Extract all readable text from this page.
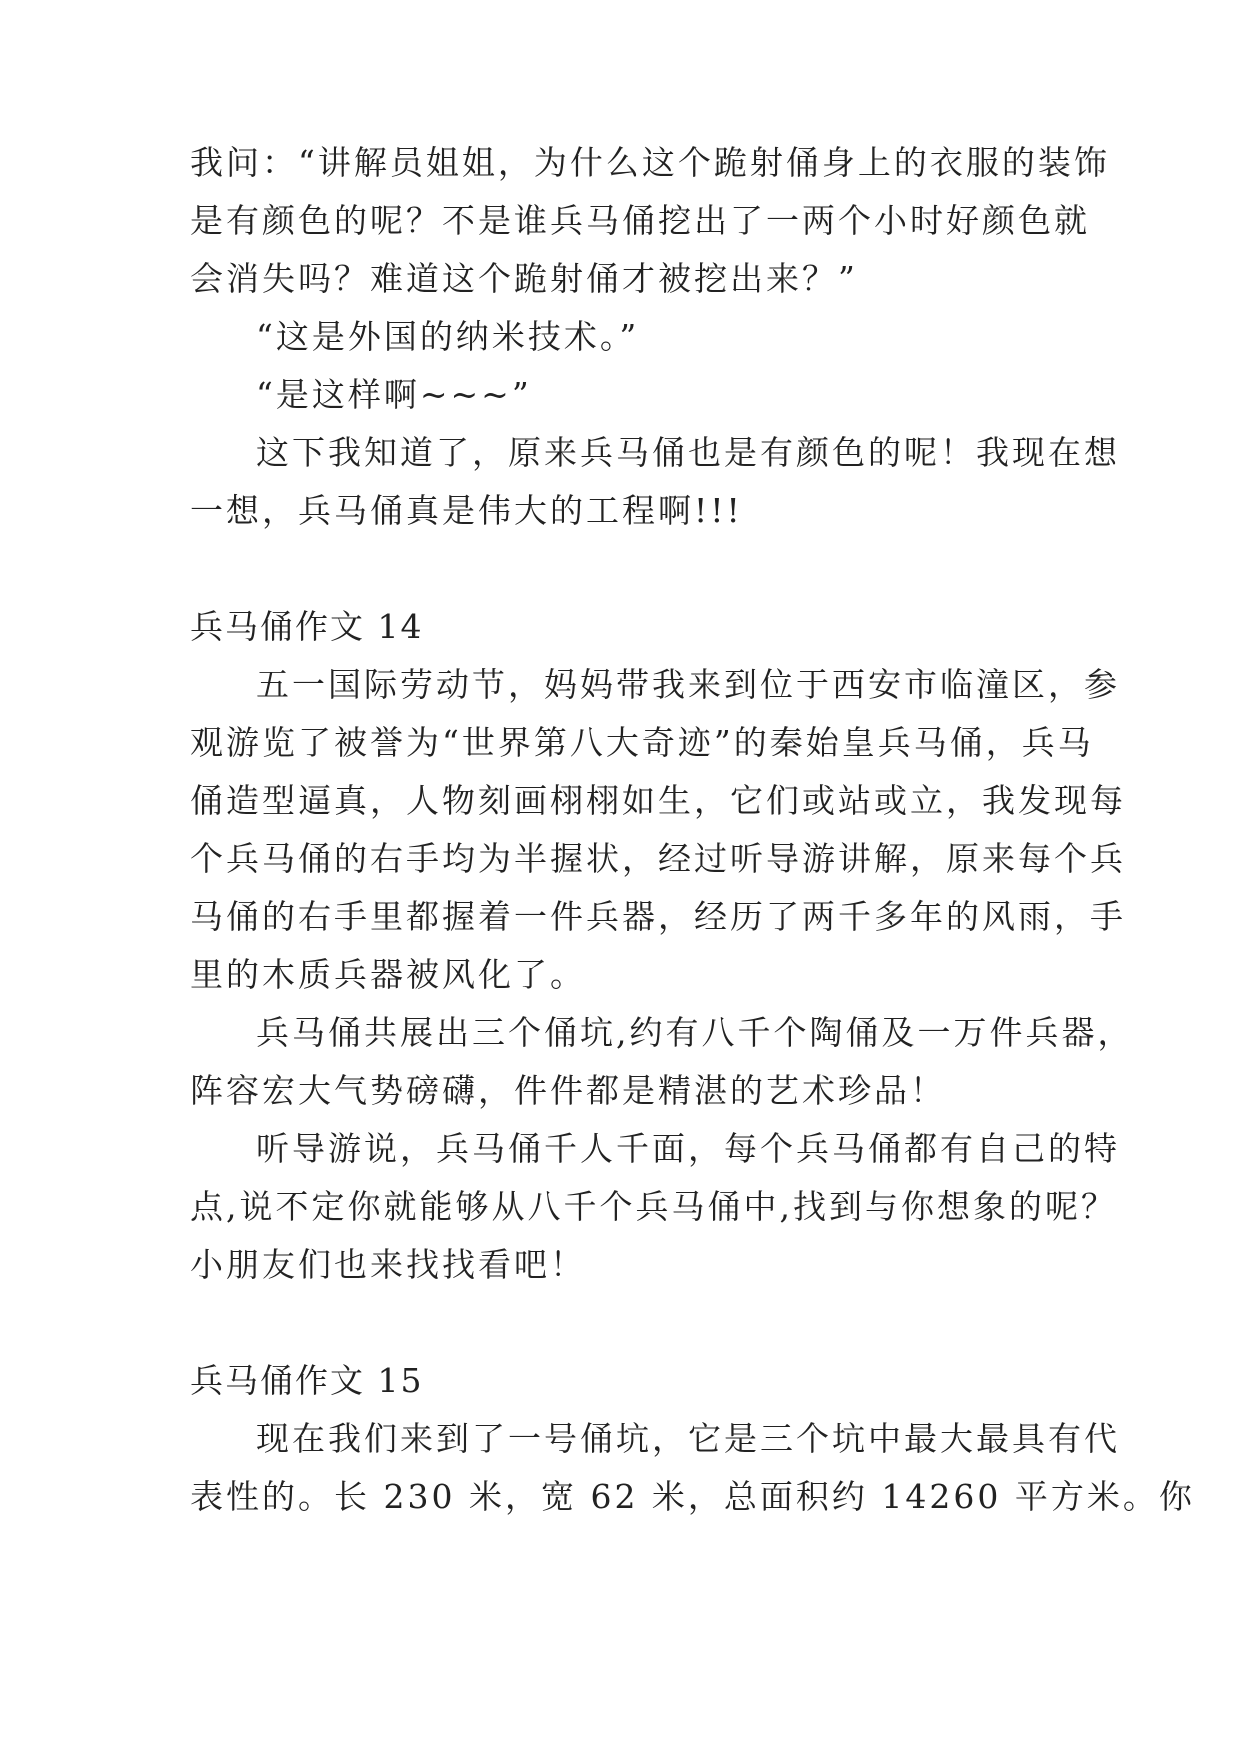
我问：“讲解员姐姐，为什么这个跪射俑身上的衣服的装饰
是有颜色的呢？不是谁兵马俑挖出了一两个小时好颜色就
会消失吗？难道这个跪射俑才被挖出来？”
“这是外国的纳米技术。”
“是这样啊~~~”
这下我知道了，原来兵马俑也是有颜色的呢！我现在想
一想，兵马俑真是伟大的工程啊!!!
兵马俑作文 14
五一国际劳动节，妈妈带我来到位于西安市临潼区，参
观游览了被誉为“世界第八大奇迹”的秦始皇兵马俑，兵马
俑造型逼真，人物刻画栩栩如生，它们或站或立，我发现每
个兵马俑的右手均为半握状，经过听导游讲解，原来每个兵
马俑的右手里都握着一件兵器，经历了两千多年的风雨，手
里的木质兵器被风化了。
兵马俑共展出三个俑坑,约有八千个陶俑及一万件兵器，
阵容宏大气势磅礴，件件都是精湛的艺术珍品！
听导游说，兵马俑千人千面，每个兵马俑都有自己的特
点,说不定你就能够从八千个兵马俑中,找到与你想象的呢？
小朋友们也来找找看吧！
兵马俑作文 15
现在我们来到了一号俑坑，它是三个坑中最大最具有代
表性的。长 230 米，宽 62 米，总面积约 14260 平方米。你
